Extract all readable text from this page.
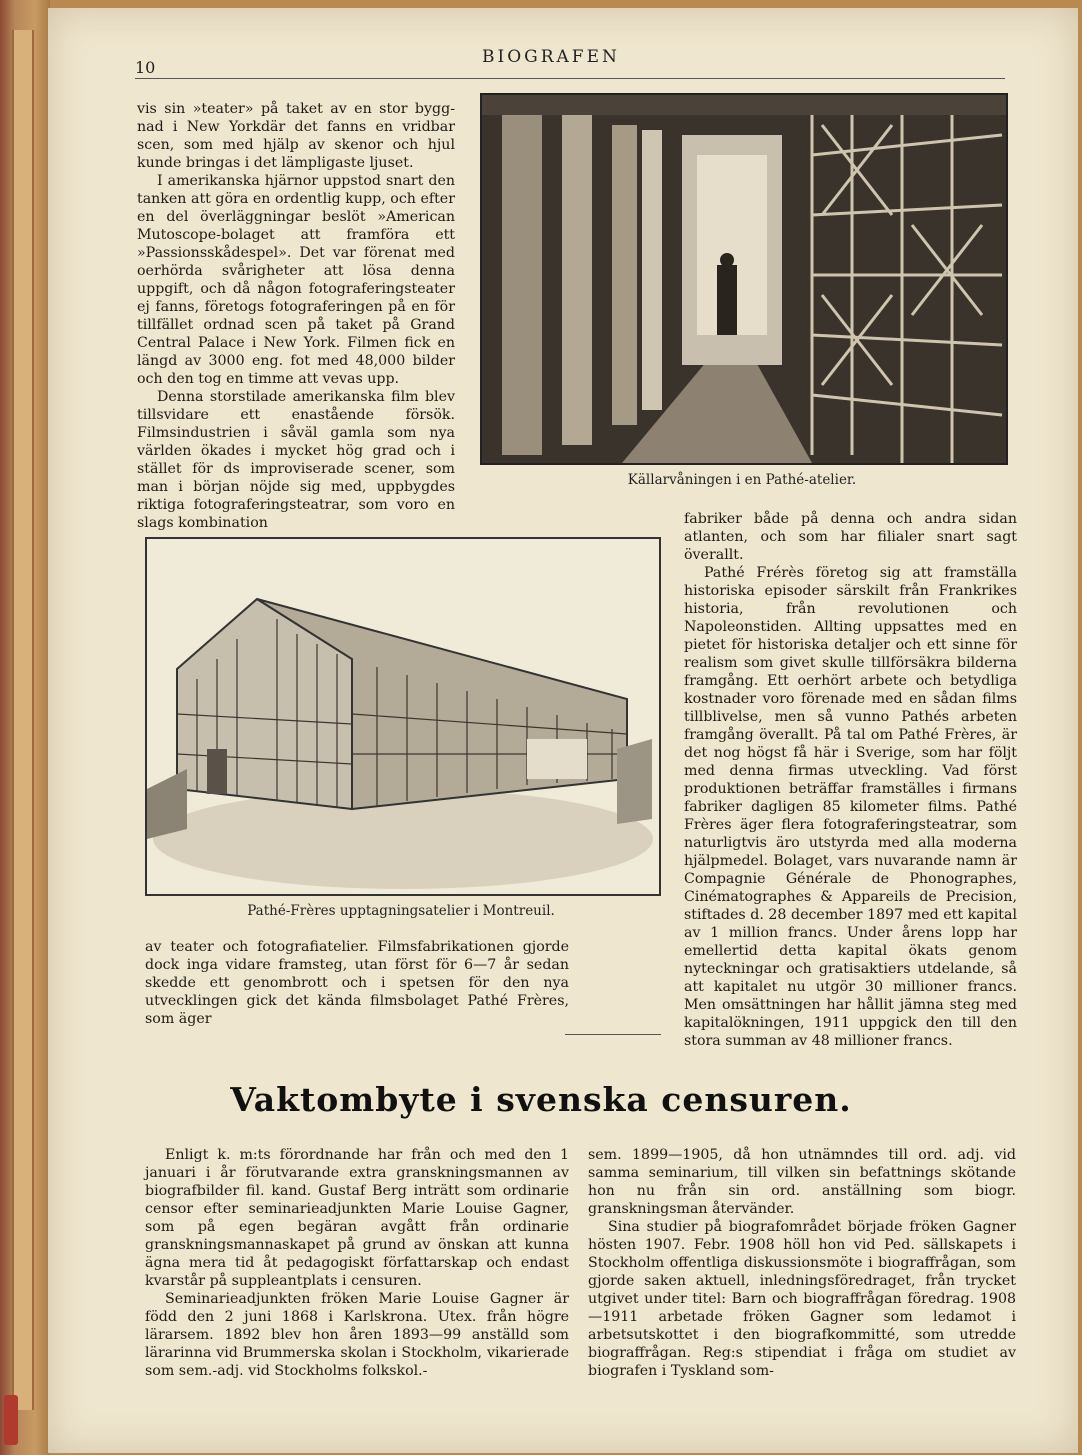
10
BIOGRAFEN

vis sin »teater» på taket av en stor bygg-nad i New Yorkdär det fanns en vridbar scen, som med hjälp av skenor och hjul kunde bringas i det lämpligaste ljuset.

I amerikanska hjärnor uppstod snart den tanken att göra en ordentlig kupp, och efter en del överläggningar beslöt »American Mutoscope-bolaget att framföra ett »Passionsskådespel». Det var förenat med oerhörda svårigheter att lösa denna uppgift, och då någon fotograferingsteater ej fanns, företogs fotograferingen på en för tillfället ordnad scen på taket på Grand Central Palace i New York. Filmen fick en längd av 3000 eng. fot med 48,000 bilder och den tog en timme att vevas upp.

Denna storstilade amerikanska film blev tillsvidare ett enastående försök. Filmsindustrien i såväl gamla som nya världen ökades i mycket hög grad och i stället för ds improviserade scener, som man i början nöjde sig med, uppbygdes riktiga fotograferingsteatrar, som voro en slags kombination

Källarvåningen i en Pathé-atelier.
Pathé-Frères upptagningsatelier i Montreuil.

fabriker både på denna och andra sidan atlanten, och som har filialer snart sagt överallt.

Pathé Frérès företog sig att framställa historiska episoder särskilt från Frankrikes historia, från revolutionen och Napoleonstiden. Allting uppsattes med en pietet för historiska detaljer och ett sinne för realism som givet skulle tillförsäkra bilderna framgång. Ett oerhört arbete och betydliga kostnader voro förenade med en sådan films tillblivelse, men så vunno Pathés arbeten framgång överallt. På tal om Pathé Frères, är det nog högst få här i Sverige, som har följt med denna firmas utveckling. Vad först produktionen beträffar framställes i firmans fabriker dagligen 85 kilometer films. Pathé Frères äger flera fotograferingsteatrar, som naturligtvis äro utstyrda med alla moderna hjälpmedel. Bolaget, vars nuvarande namn är Compagnie Générale de Phonographes, Cinématographes & Appareils de Precision, stiftades d. 28 december 1897 med ett kapital av 1 million francs. Under årens lopp har emellertid detta kapital ökats genom nyteckningar och gratisaktiers utdelande, så att kapitalet nu utgör 30 millioner francs. Men omsättningen har hållit jämna steg med kapitalökningen, 1911 uppgick den till den stora summan av 48 millioner francs.

av teater och fotografiatelier. Filmsfabrikationen gjorde dock inga vidare framsteg, utan först för 6—7 år sedan skedde ett genombrott och i spetsen för den nya utvecklingen gick det kända filmsbolaget Pathé Frères, som äger

Vaktombyte i svenska censuren.

Enligt k. m:ts förordnande har från och med den 1 januari i år förutvarande extra granskningsmannen av biografbilder fil. kand. Gustaf Berg inträtt som ordinarie censor efter seminarieadjunkten Marie Louise Gagner, som på egen begäran avgått från ordinarie granskningsmannaskapet på grund av önskan att kunna ägna mera tid åt pedagogiskt författarskap och endast kvarstår på suppleantplats i censuren.

Seminarieadjunkten fröken Marie Louise Gagner är född den 2 juni 1868 i Karlskrona. Utex. från högre lärarsem. 1892 blev hon åren 1893—99 anställd som lärarinna vid Brummerska skolan i Stockholm, vikarierade som sem.-adj. vid Stockholms folkskol.-

sem. 1899—1905, då hon utnämndes till ord. adj. vid samma seminarium, till vilken sin befattnings skötande hon nu från sin ord. anställning som biogr. granskningsman återvänder.

Sina studier på biografområdet började fröken Gagner hösten 1907. Febr. 1908 höll hon vid Ped. sällskapets i Stockholm offentliga diskussionsmöte i biograffrågan, som gjorde saken aktuell, inledningsföredraget, från trycket utgivet under titel: Barn och biograffrågan föredrag. 1908—1911 arbetade fröken Gagner som ledamot i arbetsutskottet i den biografkommitté, som utredde biograffrågan. Reg:s stipendiat i fråga om studiet av biografen i Tyskland som-
